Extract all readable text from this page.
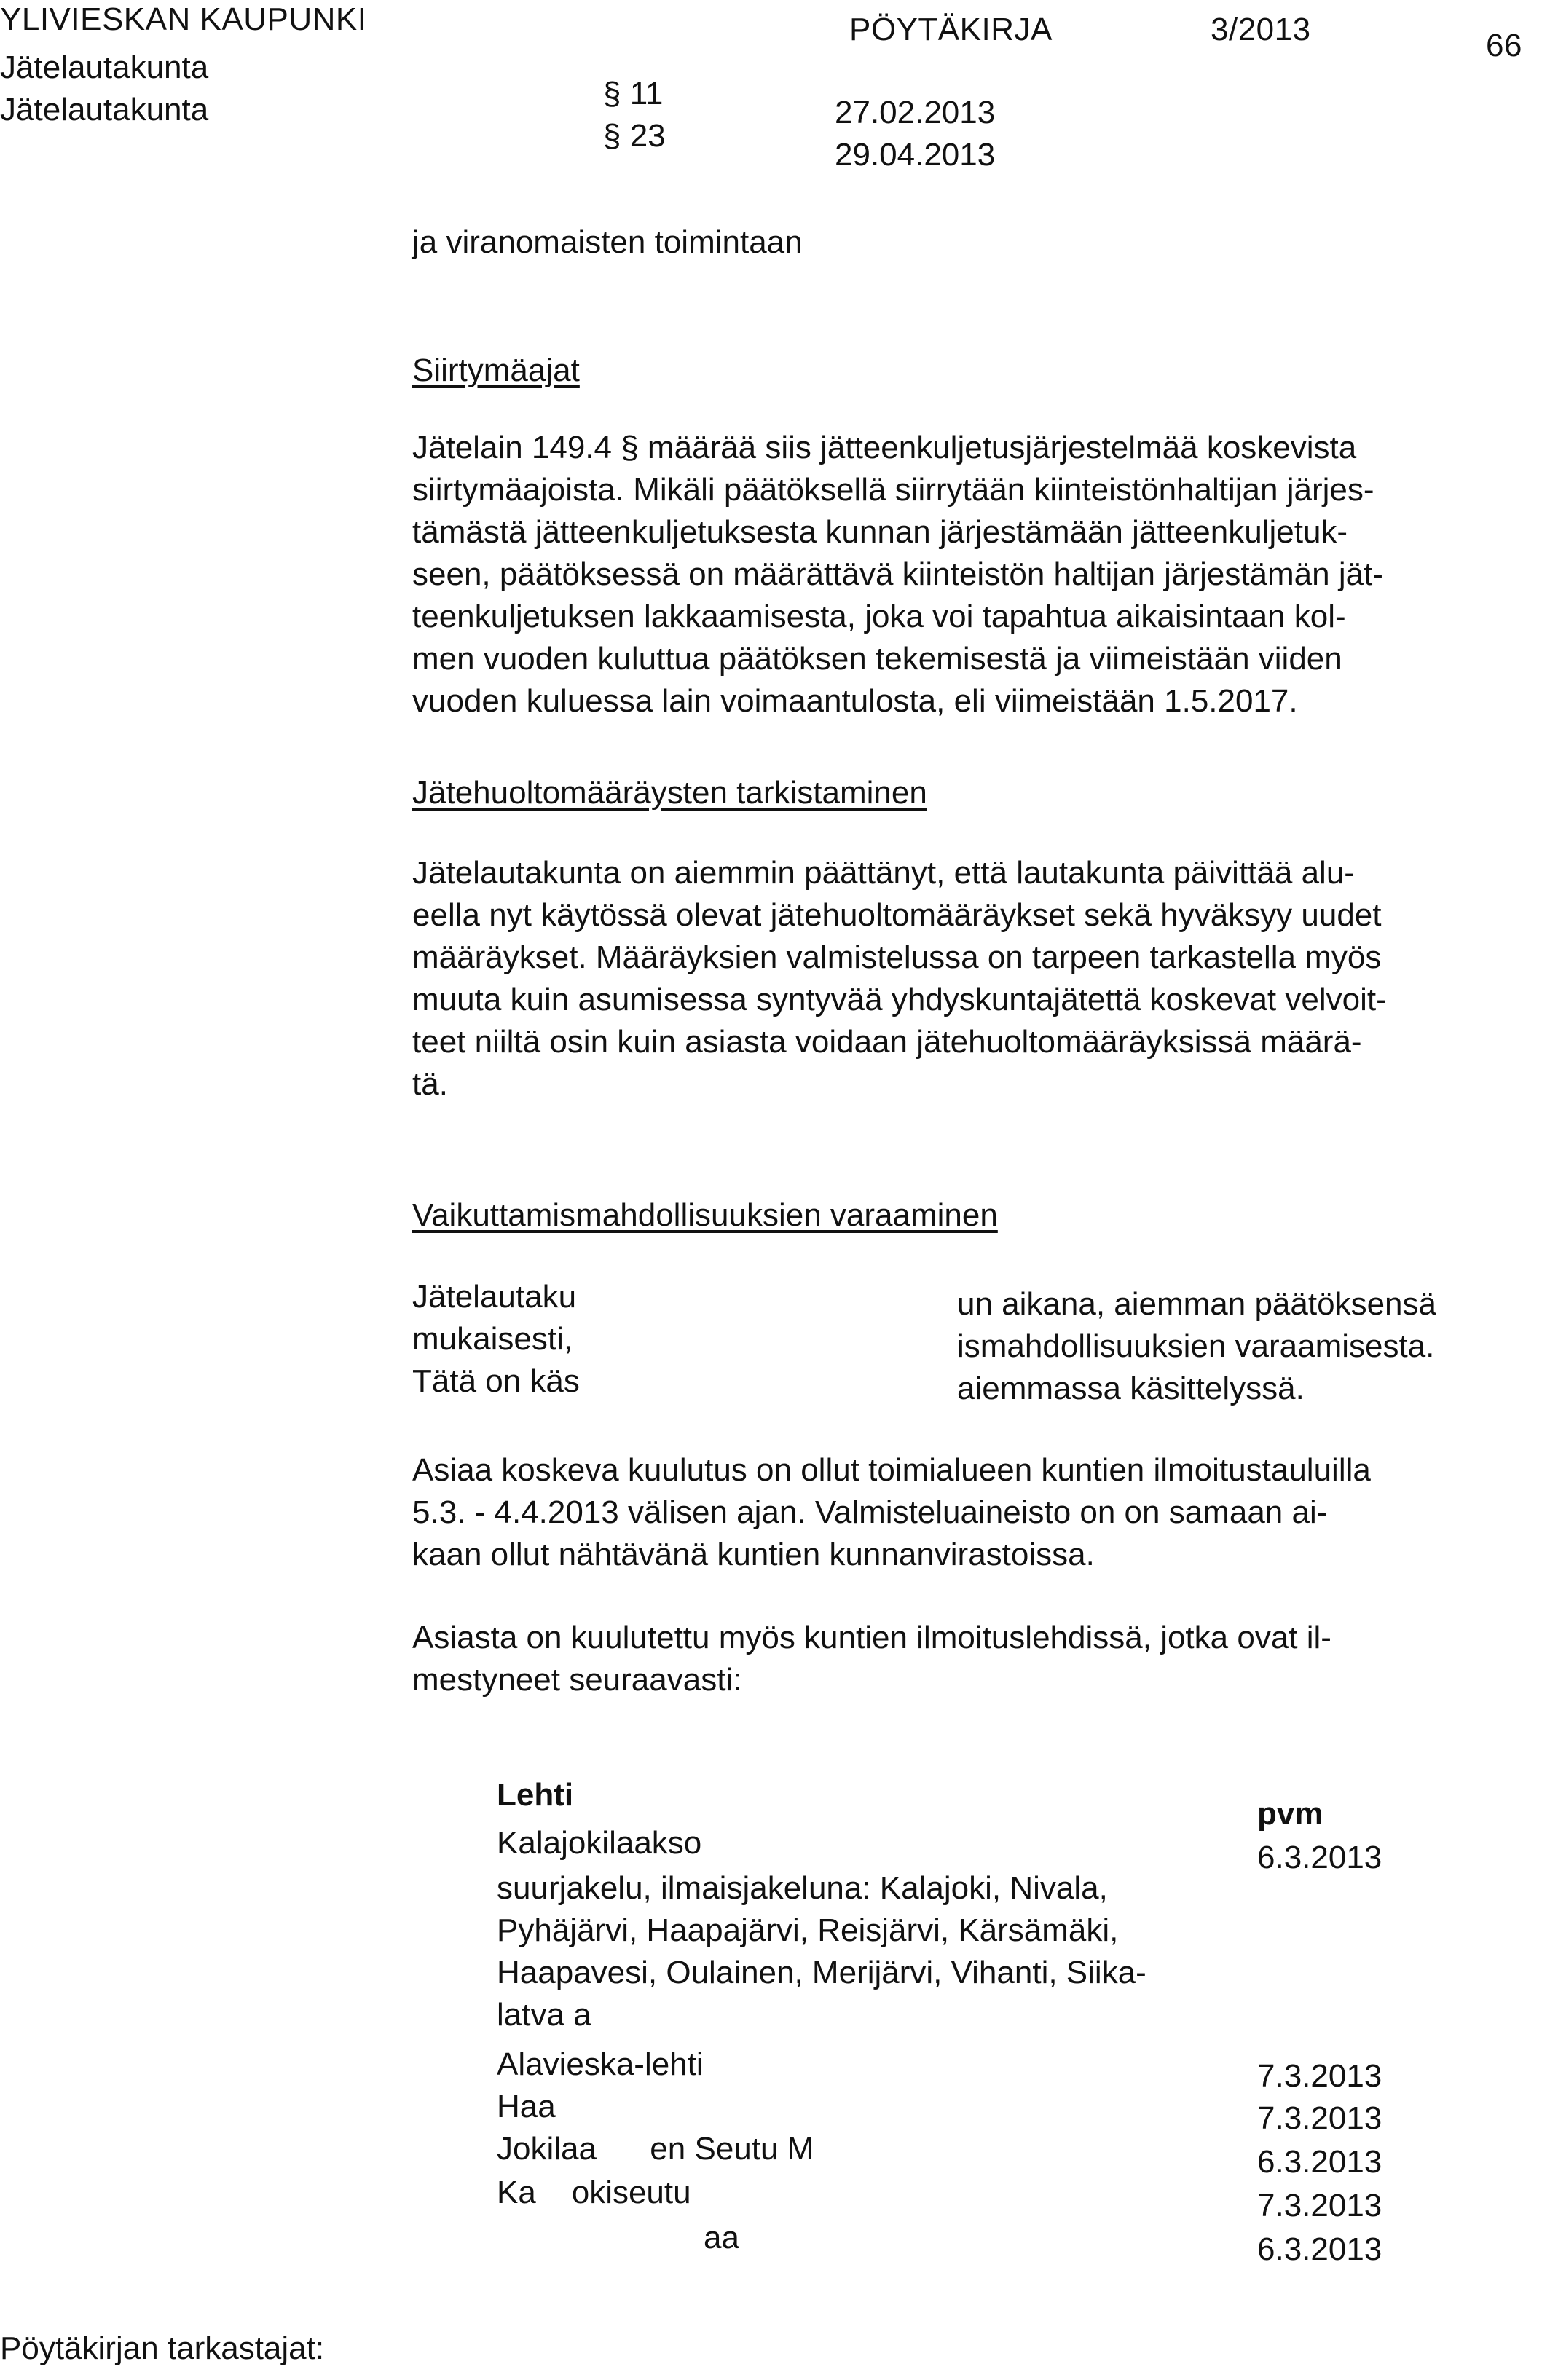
YLIVIESKAN KAUPUNKI	PÖYTÄKIRJA	3/2013	66
Jätelautakunta
§ 11
27.02.2013
Jätelautakunta
§ 23
29.04.2013
ja viranomaisten toimintaan
Siirtymäajat
Jätelain 149.4 § määrää siis jätteenkuljetusjärjestelmää koskevista
siirtymäajoista. Mikäli päätöksellä siirrytään kiinteistönhaltijan järjes-
tämästä jätteenkuljetuksesta kunnan järjestämään jätteenkuljetuk-
seen, päätöksessä on määrättävä kiinteistön haltijan järjestämän jät-
teenkuljetuksen lakkaamisesta, joka voi tapahtua aikaisintaan kol-
men vuoden kuluttua päätöksen tekemisestä ja viimeistään viiden
vuoden kuluessa lain voimaantulosta, eli viimeistään 1.5.2017.
Jätehuoltomääräysten tarkistaminen
Jätelautakunta on aiemmin päättänyt, että lautakunta päivittää alu-
eella nyt käytössä olevat jätehuoltomääräykset sekä hyväksyy uudet
määräykset. Määräyksien valmistelussa on tarpeen tarkastella myös
muuta kuin asumisessa syntyvää yhdyskuntajätettä koskevat velvoit-
teet niiltä osin kuin asiasta voidaan jätehuoltomääräyksissä määrä-
tä.
Vaikuttamismahdollisuuksien varaaminen
Jätelautaku
mukaisesti,
Tätä on käs
un aikana, aiemman päätöksensä
ismahdollisuuksien varaamisesta.
aiemmassa käsittelyssä.
Asiaa koskeva kuulutus on ollut toimialueen kuntien ilmoitustauluilla
5.3. - 4.4.2013 välisen ajan. Valmisteluaineisto on on samaan ai-
kaan ollut nähtävänä kuntien kunnanvirastoissa.
Asiasta on kuulutettu myös kuntien ilmoituslehdissä, jotka ovat il-
mestyneet seuraavasti:
Lehti
pvm
Kalajokilaakso	6.3.2013
suurjakelu, ilmaisjakeluna: Kalajoki, Nivala,
Pyhäjärvi, Haapajärvi, Reisjärvi, Kärsämäki,
Haapavesi, Oulainen, Merijärvi, Vihanti, Siika-
latva a
Alavieska-lehti	7.3.2013
Haa	7.3.2013
Jokilaa      en Seutu M	6.3.2013
Ka    okiseutu	7.3.2013
aa	6.3.2013
Pöytäkirjan tarkastajat:
